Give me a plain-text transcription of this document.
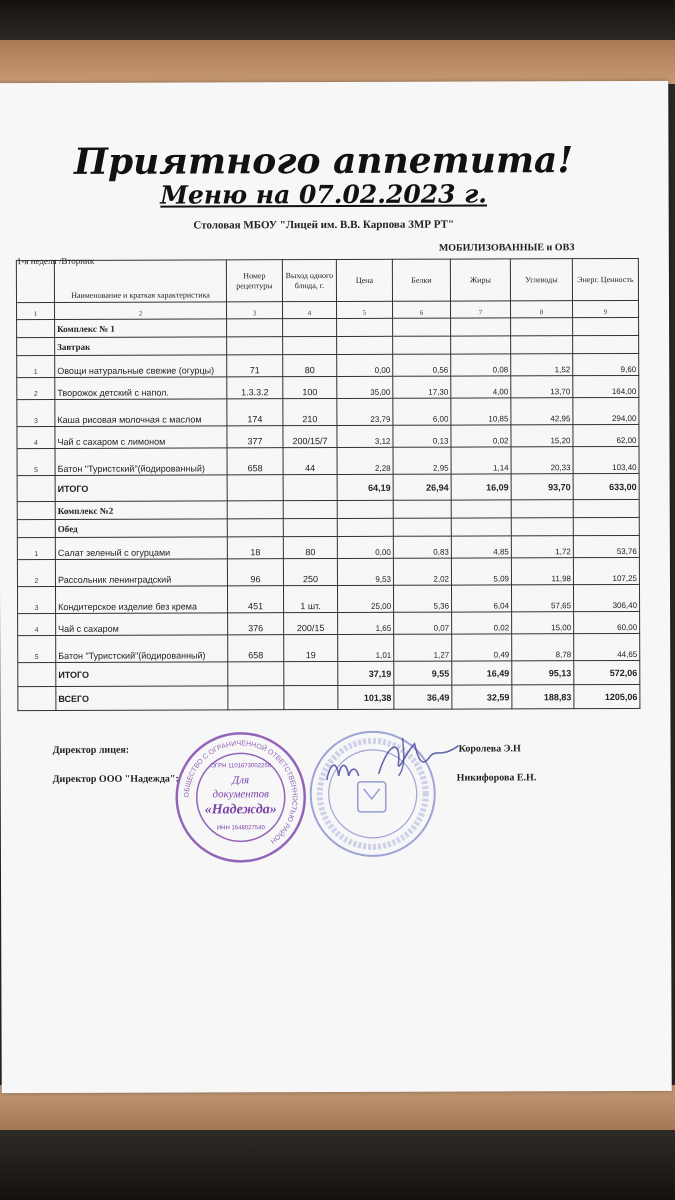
Приятного аппетита!
Меню на 07.02.2023 г.
Столовая МБОУ "Лицей им. В.В. Карпова ЗМР РТ"
МОБИЛИЗОВАННЫЕ и ОВЗ
1-я неделя /Вторник
	Наименование и краткая характеристика	Номер рецептуры	Выход одного блюда, г.	Цена	Белки	Жиры	Углеводы	Энерг. Ценность
1	2	3	4	5	6	7	8	9
	Комплекс № 1							
	Завтрак							
1	Овощи натуральные свежие (огурцы)	71	80	0,00	0,56	0,08	1,52	9,60
2	Творожок детский с напол.	1.3.3.2	100	35,00	17,30	4,00	13,70	164,00
3	Каша рисовая молочная с маслом	174	210	23,79	6,00	10,85	42,95	294,00
4	Чай с сахаром с лимоном	377	200/15/7	3,12	0,13	0,02	15,20	62,00
5	Батон "Туристский"(йодированный)	658	44	2,28	2,95	1,14	20,33	103,40
	ИТОГО			64,19	26,94	16,09	93,70	633,00
	Комплекс №2							
	Обед							
1	Салат зеленый с огурцами	18	80	0,00	0,83	4,85	1,72	53,76
2	Рассольник ленинградский	96	250	9,53	2,02	5,09	11,98	107,25
3	Кондитерское изделие без крема	451	1 шт.	25,00	5,36	6,04	57,65	306,40
4	Чай с сахаром	376	200/15	1,65	0,07	0,02	15,00	60,00
5	Батон "Туристский"(йодированный)	658	19	1,01	1,27	0,49	8,78	44,65
	ИТОГО			37,19	9,55	16,49	95,13	572,06
	ВСЕГО			101,38	36,49	32,59	188,83	1205,06
Директор лицея:	Королева Э.Н
Директор ООО "Надежда":	Никифорова Е.Н.
ОБЩЕСТВО С ОГРАНИЧЕННОЙ ОТВЕТСТВЕННОСТЬЮ РАЙОН
Для
документов
«Надежда»
ОГРН 1101673002250
ИНН 1648027540
